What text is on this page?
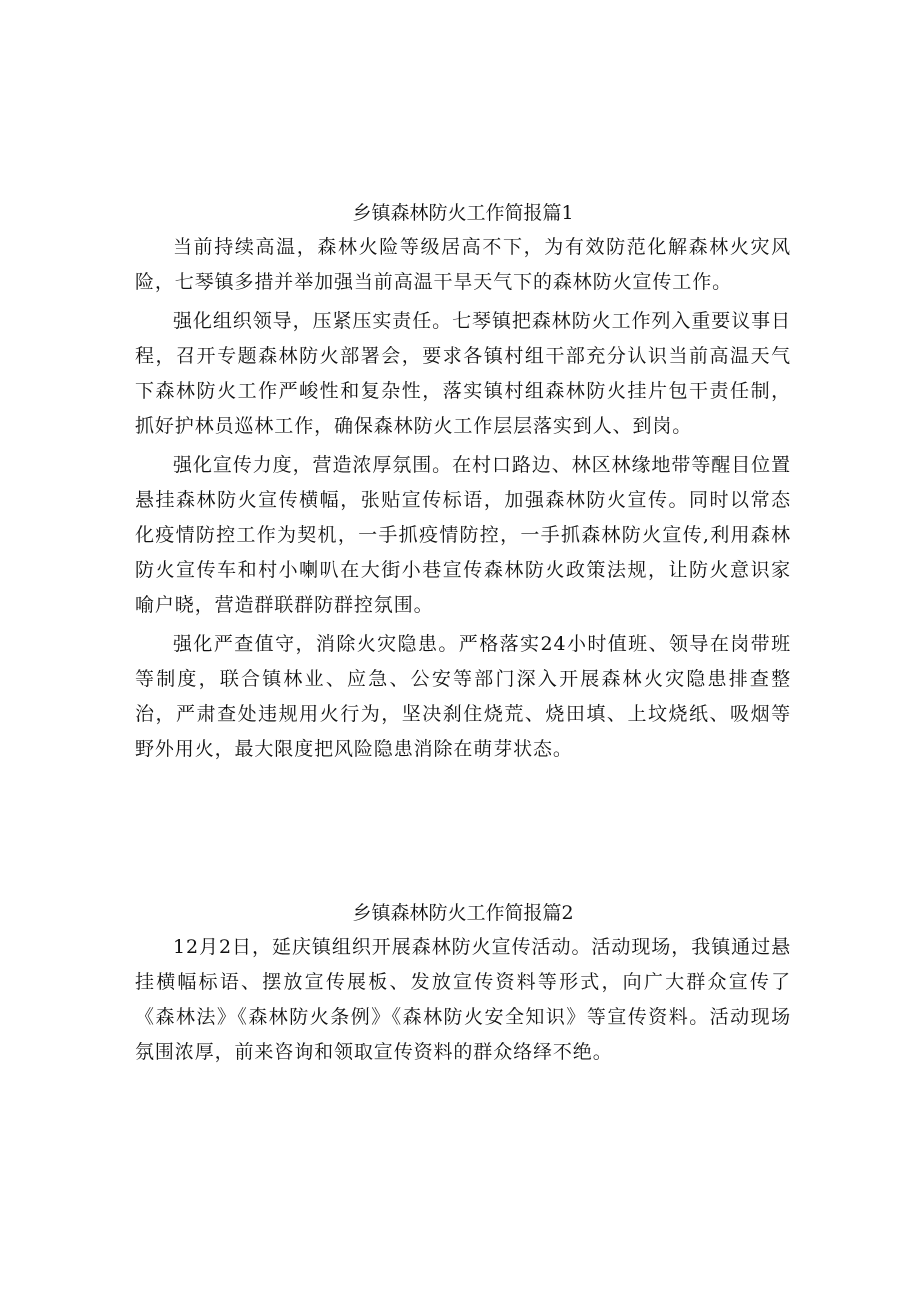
乡镇森林防火工作简报篇1

当前持续高温，森林火险等级居高不下，为有效防范化解森林火灾风险，七琴镇多措并举加强当前高温干旱天气下的森林防火宣传工作。

强化组织领导，压紧压实责任。七琴镇把森林防火工作列入重要议事日程，召开专题森林防火部署会，要求各镇村组干部充分认识当前高温天气下森林防火工作严峻性和复杂性，落实镇村组森林防火挂片包干责任制，抓好护林员巡林工作，确保森林防火工作层层落实到人、到岗。

强化宣传力度，营造浓厚氛围。在村口路边、林区林缘地带等醒目位置悬挂森林防火宣传横幅，张贴宣传标语，加强森林防火宣传。同时以常态化疫情防控工作为契机，一手抓疫情防控，一手抓森林防火宣传,利用森林防火宣传车和村小喇叭在大街小巷宣传森林防火政策法规，让防火意识家喻户晓，营造群联群防群控氛围。

强化严查值守，消除火灾隐患。严格落实24小时值班、领导在岗带班等制度，联合镇林业、应急、公安等部门深入开展森林火灾隐患排查整治，严肃查处违规用火行为，坚决刹住烧荒、烧田填、上坟烧纸、吸烟等野外用火，最大限度把风险隐患消除在萌芽状态。

乡镇森林防火工作简报篇2

12月2日，延庆镇组织开展森林防火宣传活动。活动现场，我镇通过悬挂横幅标语、摆放宣传展板、发放宣传资料等形式，向广大群众宣传了《森林法》《森林防火条例》《森林防火安全知识》等宣传资料。活动现场氛围浓厚，前来咨询和领取宣传资料的群众络绎不绝。
